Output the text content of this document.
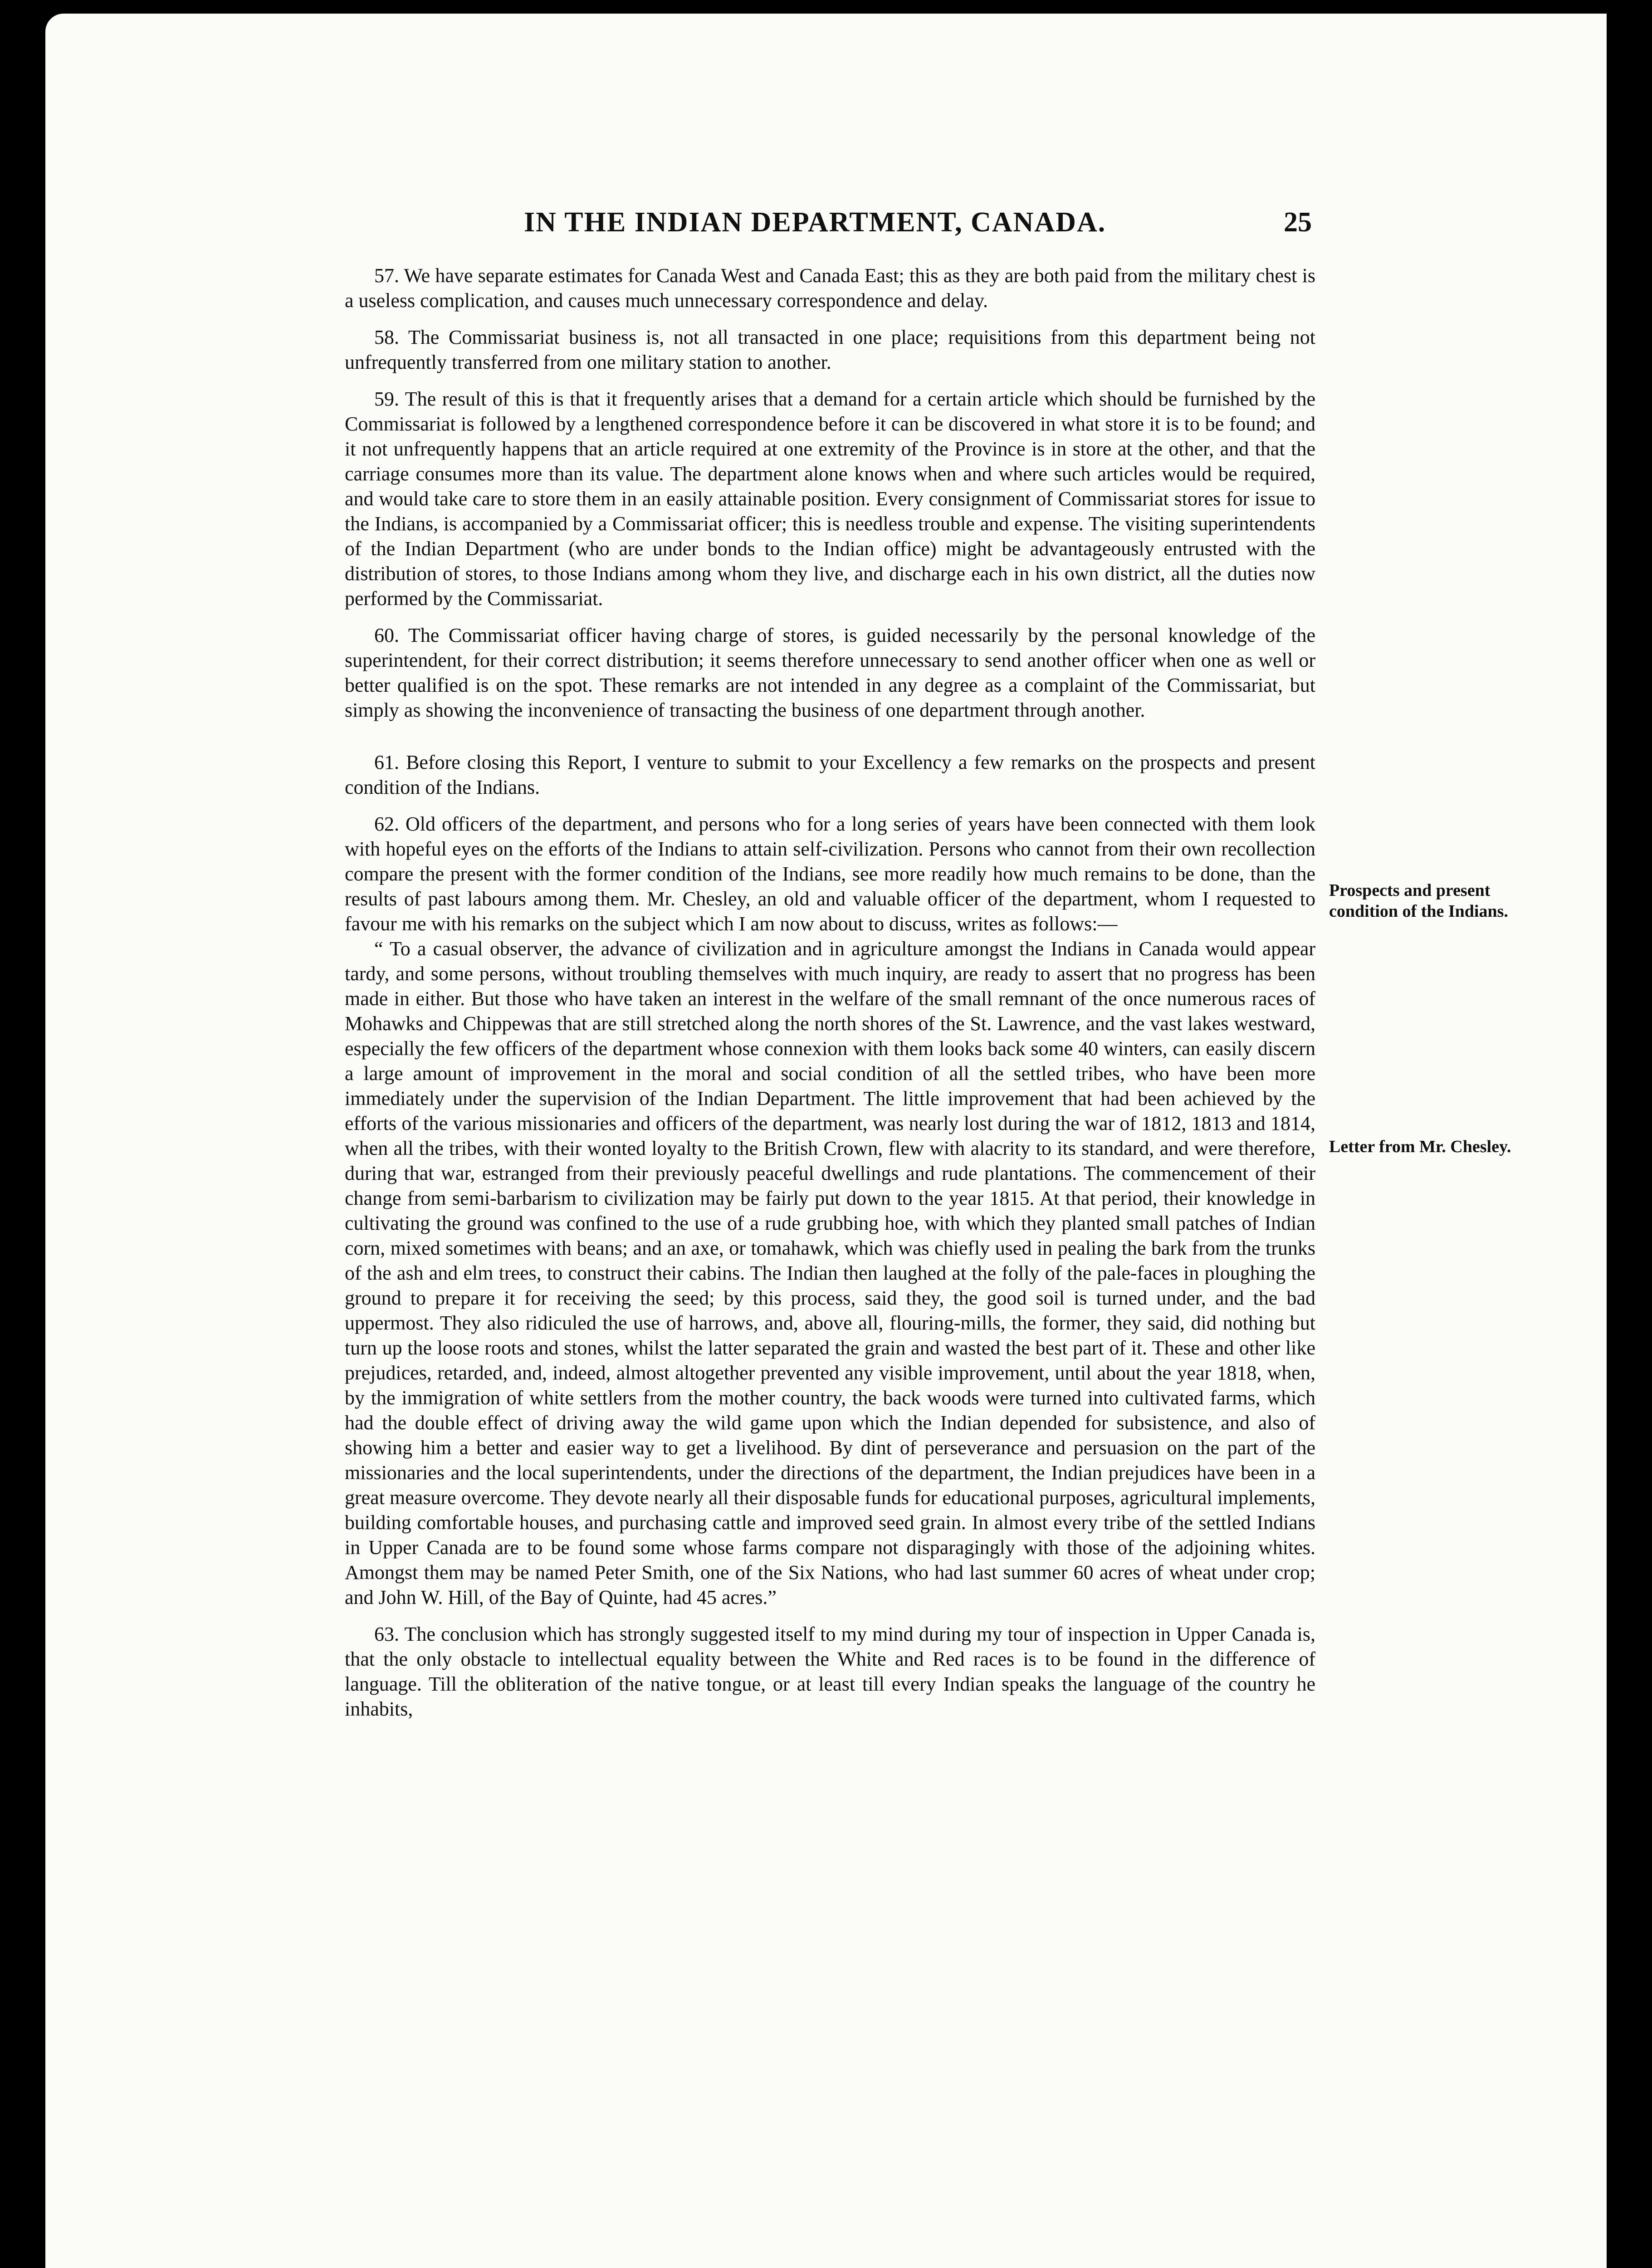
IN THE INDIAN DEPARTMENT, CANADA.	25

57. We have separate estimates for Canada West and Canada East; this as they are both paid from the military chest is a useless complication, and causes much unnecessary correspondence and delay.

58. The Commissariat business is, not all transacted in one place; requisitions from this department being not unfrequently transferred from one military station to another.

59. The result of this is that it frequently arises that a demand for a certain article which should be furnished by the Commissariat is followed by a lengthened correspondence before it can be discovered in what store it is to be found; and it not unfrequently happens that an article required at one extremity of the Province is in store at the other, and that the carriage consumes more than its value. The department alone knows when and where such articles would be required, and would take care to store them in an easily attainable position. Every consignment of Commissariat stores for issue to the Indians, is accompanied by a Commissariat officer; this is needless trouble and expense. The visiting superintendents of the Indian Department (who are under bonds to the Indian office) might be advantageously entrusted with the distribution of stores, to those Indians among whom they live, and discharge each in his own district, all the duties now performed by the Commissariat.

60. The Commissariat officer having charge of stores, is guided necessarily by the personal knowledge of the superintendent, for their correct distribution; it seems therefore unnecessary to send another officer when one as well or better qualified is on the spot. These remarks are not intended in any degree as a complaint of the Commissariat, but simply as showing the inconvenience of transacting the business of one department through another.

61. Before closing this Report, I venture to submit to your Excellency a few remarks on the prospects and present condition of the Indians.

62. Old officers of the department, and persons who for a long series of years have been connected with them look with hopeful eyes on the efforts of the Indians to attain self-civilization. Persons who cannot from their own recollection compare the present with the former condition of the Indians, see more readily how much remains to be done, than the results of past labours among them. Mr. Chesley, an old and valuable officer of the department, whom I requested to favour me with his remarks on the subject which I am now about to discuss, writes as follows:—

“ To a casual observer, the advance of civilization and in agriculture amongst the Indians in Canada would appear tardy, and some persons, without troubling themselves with much inquiry, are ready to assert that no progress has been made in either. But those who have taken an interest in the welfare of the small remnant of the once numerous races of Mohawks and Chippewas that are still stretched along the north shores of the St. Lawrence, and the vast lakes westward, especially the few officers of the department whose connexion with them looks back some 40 winters, can easily discern a large amount of improvement in the moral and social condition of all the settled tribes, who have been more immediately under the supervision of the Indian Department. The little improvement that had been achieved by the efforts of the various missionaries and officers of the department, was nearly lost during the war of 1812, 1813 and 1814, when all the tribes, with their wonted loyalty to the British Crown, flew with alacrity to its standard, and were therefore, during that war, estranged from their previously peaceful dwellings and rude plantations. The commencement of their change from semi-barbarism to civilization may be fairly put down to the year 1815. At that period, their knowledge in cultivating the ground was confined to the use of a rude grubbing hoe, with which they planted small patches of Indian corn, mixed sometimes with beans; and an axe, or tomahawk, which was chiefly used in pealing the bark from the trunks of the ash and elm trees, to construct their cabins. The Indian then laughed at the folly of the pale-faces in ploughing the ground to prepare it for receiving the seed; by this process, said they, the good soil is turned under, and the bad uppermost. They also ridiculed the use of harrows, and, above all, flouring-mills, the former, they said, did nothing but turn up the loose roots and stones, whilst the latter separated the grain and wasted the best part of it. These and other like prejudices, retarded, and, indeed, almost altogether prevented any visible improvement, until about the year 1818, when, by the immigration of white settlers from the mother country, the back woods were turned into cultivated farms, which had the double effect of driving away the wild game upon which the Indian depended for subsistence, and also of showing him a better and easier way to get a livelihood. By dint of perseverance and persuasion on the part of the missionaries and the local superintendents, under the directions of the department, the Indian prejudices have been in a great measure overcome. They devote nearly all their disposable funds for educational purposes, agricultural implements, building comfortable houses, and purchasing cattle and improved seed grain. In almost every tribe of the settled Indians in Upper Canada are to be found some whose farms compare not disparagingly with those of the adjoining whites. Amongst them may be named Peter Smith, one of the Six Nations, who had last summer 60 acres of wheat under crop; and John W. Hill, of the Bay of Quinte, had 45 acres.”

63. The conclusion which has strongly suggested itself to my mind during my tour of inspection in Upper Canada is, that the only obstacle to intellectual equality between the White and Red races is to be found in the difference of language. Till the obliteration of the native tongue, or at least till every Indian speaks the language of the country he inhabits,

Prospects and present condition of the Indians.
Letter from Mr. Chesley.
